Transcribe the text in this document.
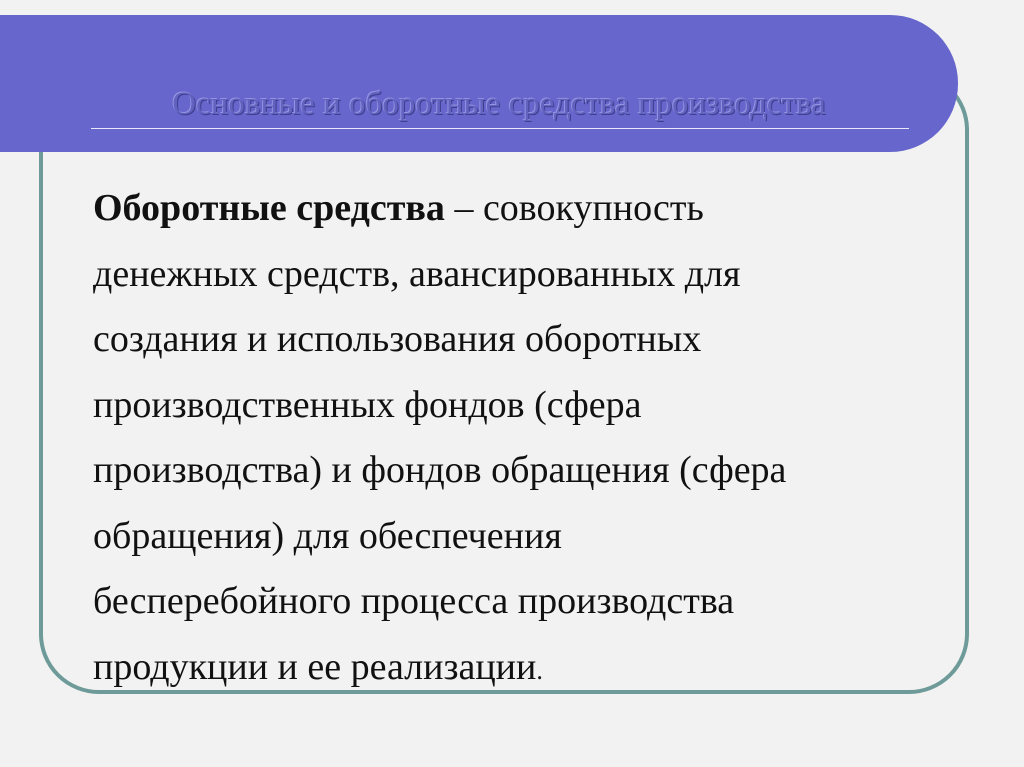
Основные и оборотные средства производства

Оборотные средства – совокупность
денежных средств, авансированных для
создания и использования оборотных
производственных фондов (сфера
производства) и фондов обращения (сфера
обращения) для обеспечения
бесперебойного процесса производства
продукции и ее реализации.
